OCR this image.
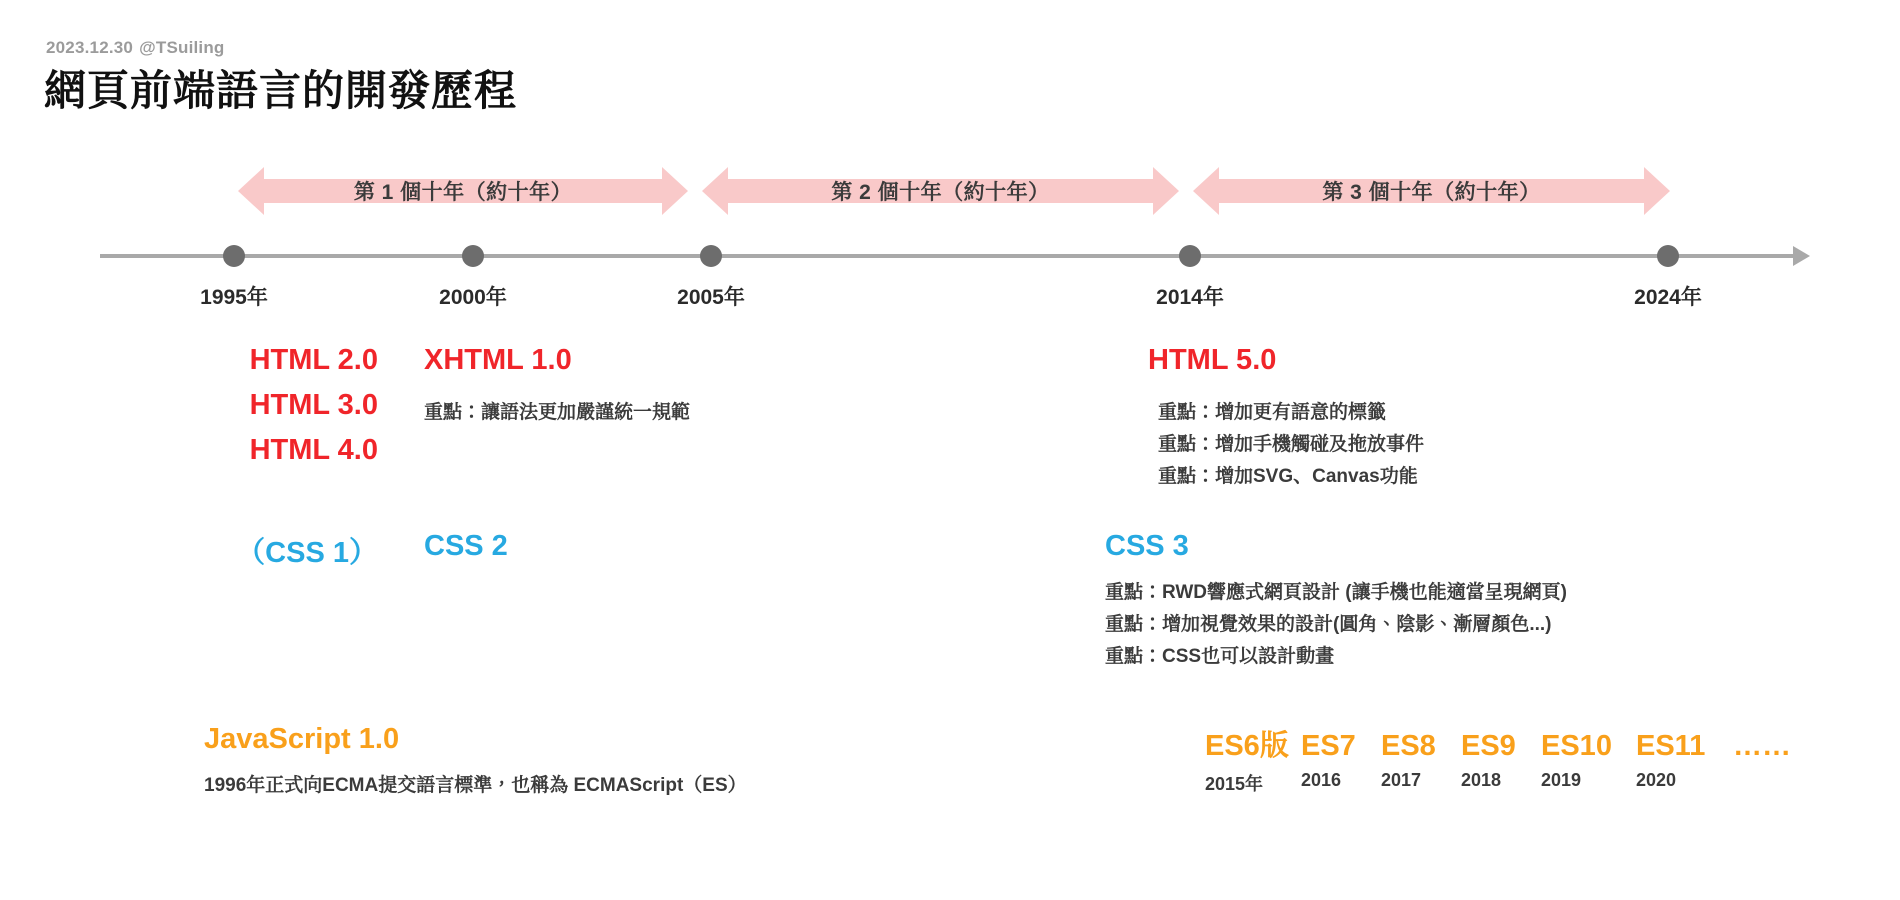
2023.12.30 @TSuiling
網頁前端語言的開發歷程
第 1 個十年（約十年）	第 2 個十年（約十年）	第 3 個十年（約十年）
1995年	2000年	2005年	2014年	2024年
HTML 2.0
HTML 3.0
HTML 4.0
XHTML 1.0
重點：讓語法更加嚴謹統一規範
HTML 5.0
重點：增加更有語意的標籤
重點：增加手機觸碰及拖放事件
重點：增加SVG、Canvas功能
（CSS 1） CSS 2	CSS 3
重點：RWD響應式網頁設計 (讓手機也能適當呈現網頁)
重點：增加視覺效果的設計(圓角、陰影、漸層顏色...)
重點：CSS也可以設計動畫
JavaScript 1.0
1996年正式向ECMA提交語言標準，也稱為 ECMAScript（ES）
ES6版 ES7 ES8 ES9 ES10 ES11 ……
2015年	2016	2017	2018	2019	2020
